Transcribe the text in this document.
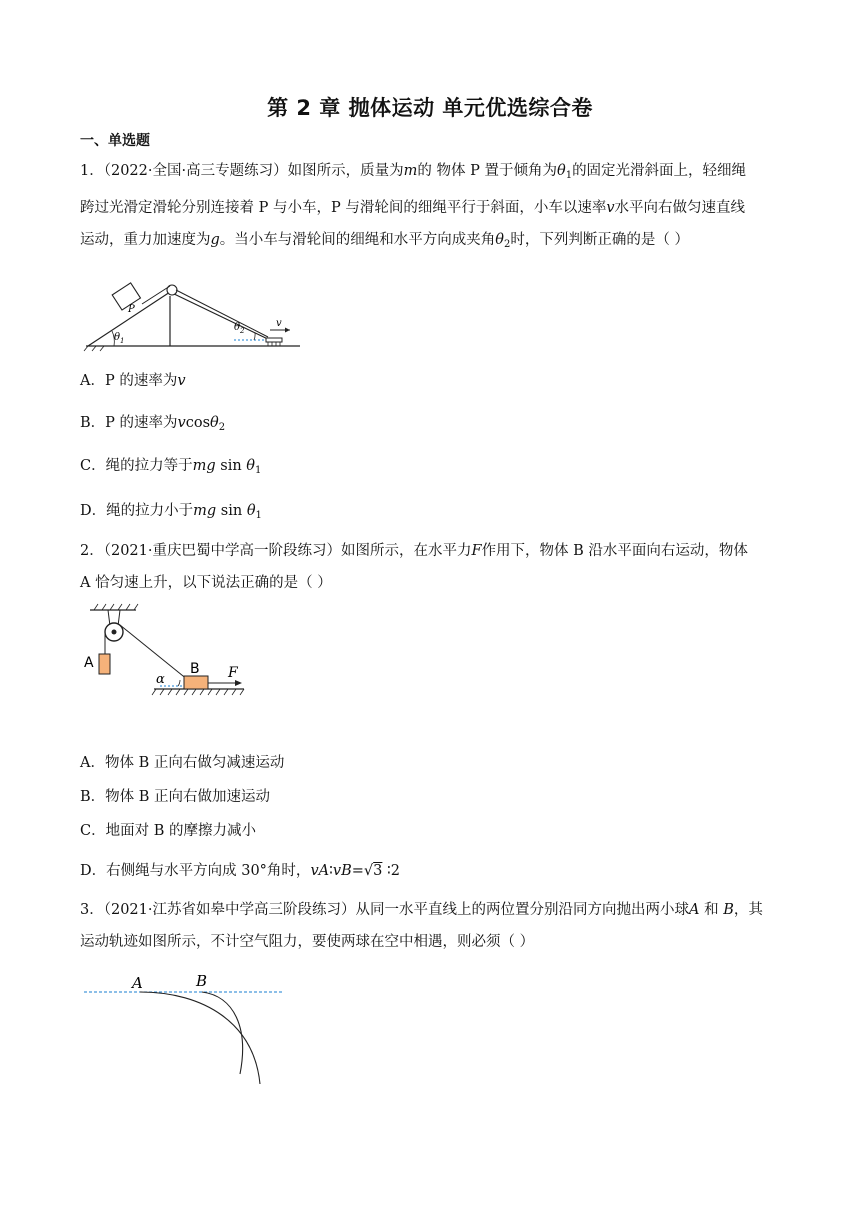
第 2 章 抛体运动 单元优选综合卷
一、单选题
1．（2022·全国·高三专题练习）如图所示，质量为m的 物体 P 置于倾角为$\theta_1$的固定光滑斜面上，轻细绳
跨过光滑定滑轮分别连接着 P 与小车，P 与滑轮间的细绳平行于斜面，小车以速率v水平向右做匀速直线
运动，重力加速度为g。当小车与滑轮间的细绳和水平方向成夹角$\theta_2$时，下列判断正确的是（ ）
P
$\theta_1$
$\theta_2$
v
A．P 的速率为v
B．P 的速率为vcosθ$_2$
C．绳的拉力等于mg $\sin \theta_1$
D．绳的拉力小于mg $\sin \theta_1$
2．（2021·重庆巴蜀中学高一阶段练习）如图所示，在水平力F作用下，物体 B 沿水平面向右运动，物体
A 恰匀速上升，以下说法正确的是（ ）
A
α
B F
A．物体 B 正向右做匀减速运动
B．物体 B 正向右做加速运动
C．地面对 B 的摩擦力减小
D．右侧绳与水平方向成 30°角时，vA∶vB=√3 ∶2
3．（2021·江苏省如皋中学高三阶段练习）从同一水平直线上的两位置分别沿同方向抛出两小球A 和 B，其
运动轨迹如图所示，不计空气阻力，要使两球在空中相遇，则必须（ ）
A	B
